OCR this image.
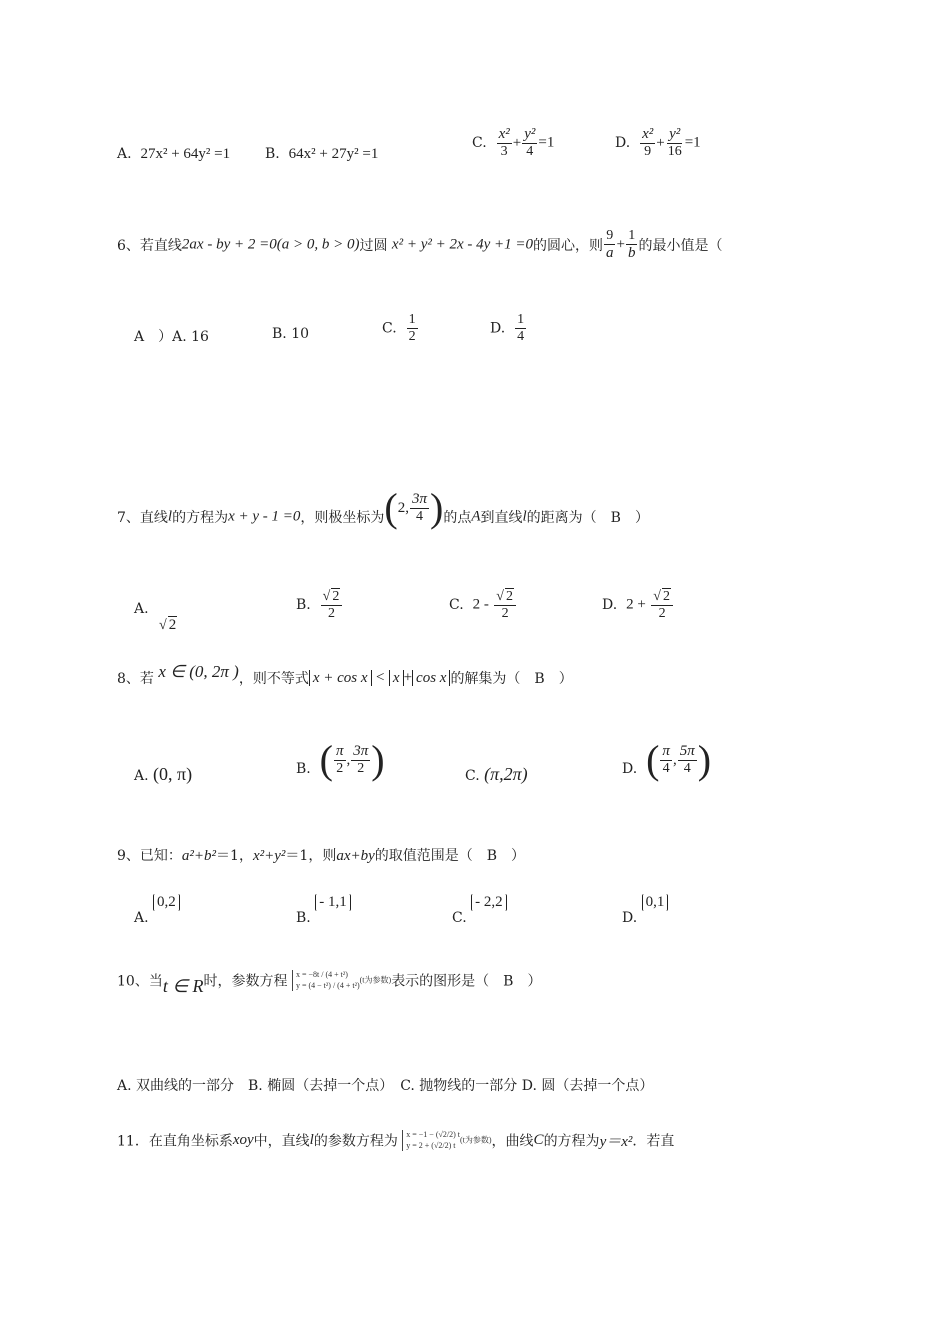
A. 27x² + 64y² =1 B. 64x² + 27y² =1
C. $\frac{\text{x²}}{3} + \frac{\text{y²}}{4} =1$	D. $\frac{\text{x²}}{9} + \frac{\text{y²}}{16} =1$
6、若直线2ax - by + 2 =0(a > 0, b > 0)过圆 x² + y² + 2x - 4y +1 =0的圆心，则 $\frac{9}{a} + \frac{1}{b}$ 的最小值是（
A　）A. 16	B. 10	C. $\frac{1}{2}$	D. $\frac{1}{4}$
7、直线l的方程为x + y - 1 =0，则极坐标为 ( 2, $\frac{3\pi}{4}$ ) 的点A到直线l的距离为（　B　）
A. √ 2
B. $\frac{√ 2}{2}$	C. $2 - \frac{√ 2}{2}$	D. $2 + \frac{√ 2}{2}$
8、若 x ∈ (0, 2π )，则不等式 x + cos x < x + cos x 的解集为（　B　）
A. (0, π)	B. ( $\frac{\pi}{2}$ , $\frac{3\pi}{2}$ )	C. (π,2π)	D. ( $\frac{\pi}{4}$ , $\frac{5\pi}{4}$ )
9、已知：a²+b²＝1，x²+y²＝1，则ax+by的取值范围是（　B　）
A. 0,2
B. - 1,1
C. - 2,2
D. 0,1
10、当t ∈ R时，参数方程 x = −8t / (4 + t²)
y = (4 − t²) / (4 + t²)
(t为参数)表示的图形是（　B　）
A. 双曲线的一部分　B. 椭圆（去掉一个点）　C. 抛物线的一部分 D. 圆（去掉一个点）
11．在直角坐标系xoy中，直线l的参数方程为 x = −1 − (√2/2) t
y = 2 + (√2/2) t
(t为参数)，曲线C的方程为y＝x²．若直
